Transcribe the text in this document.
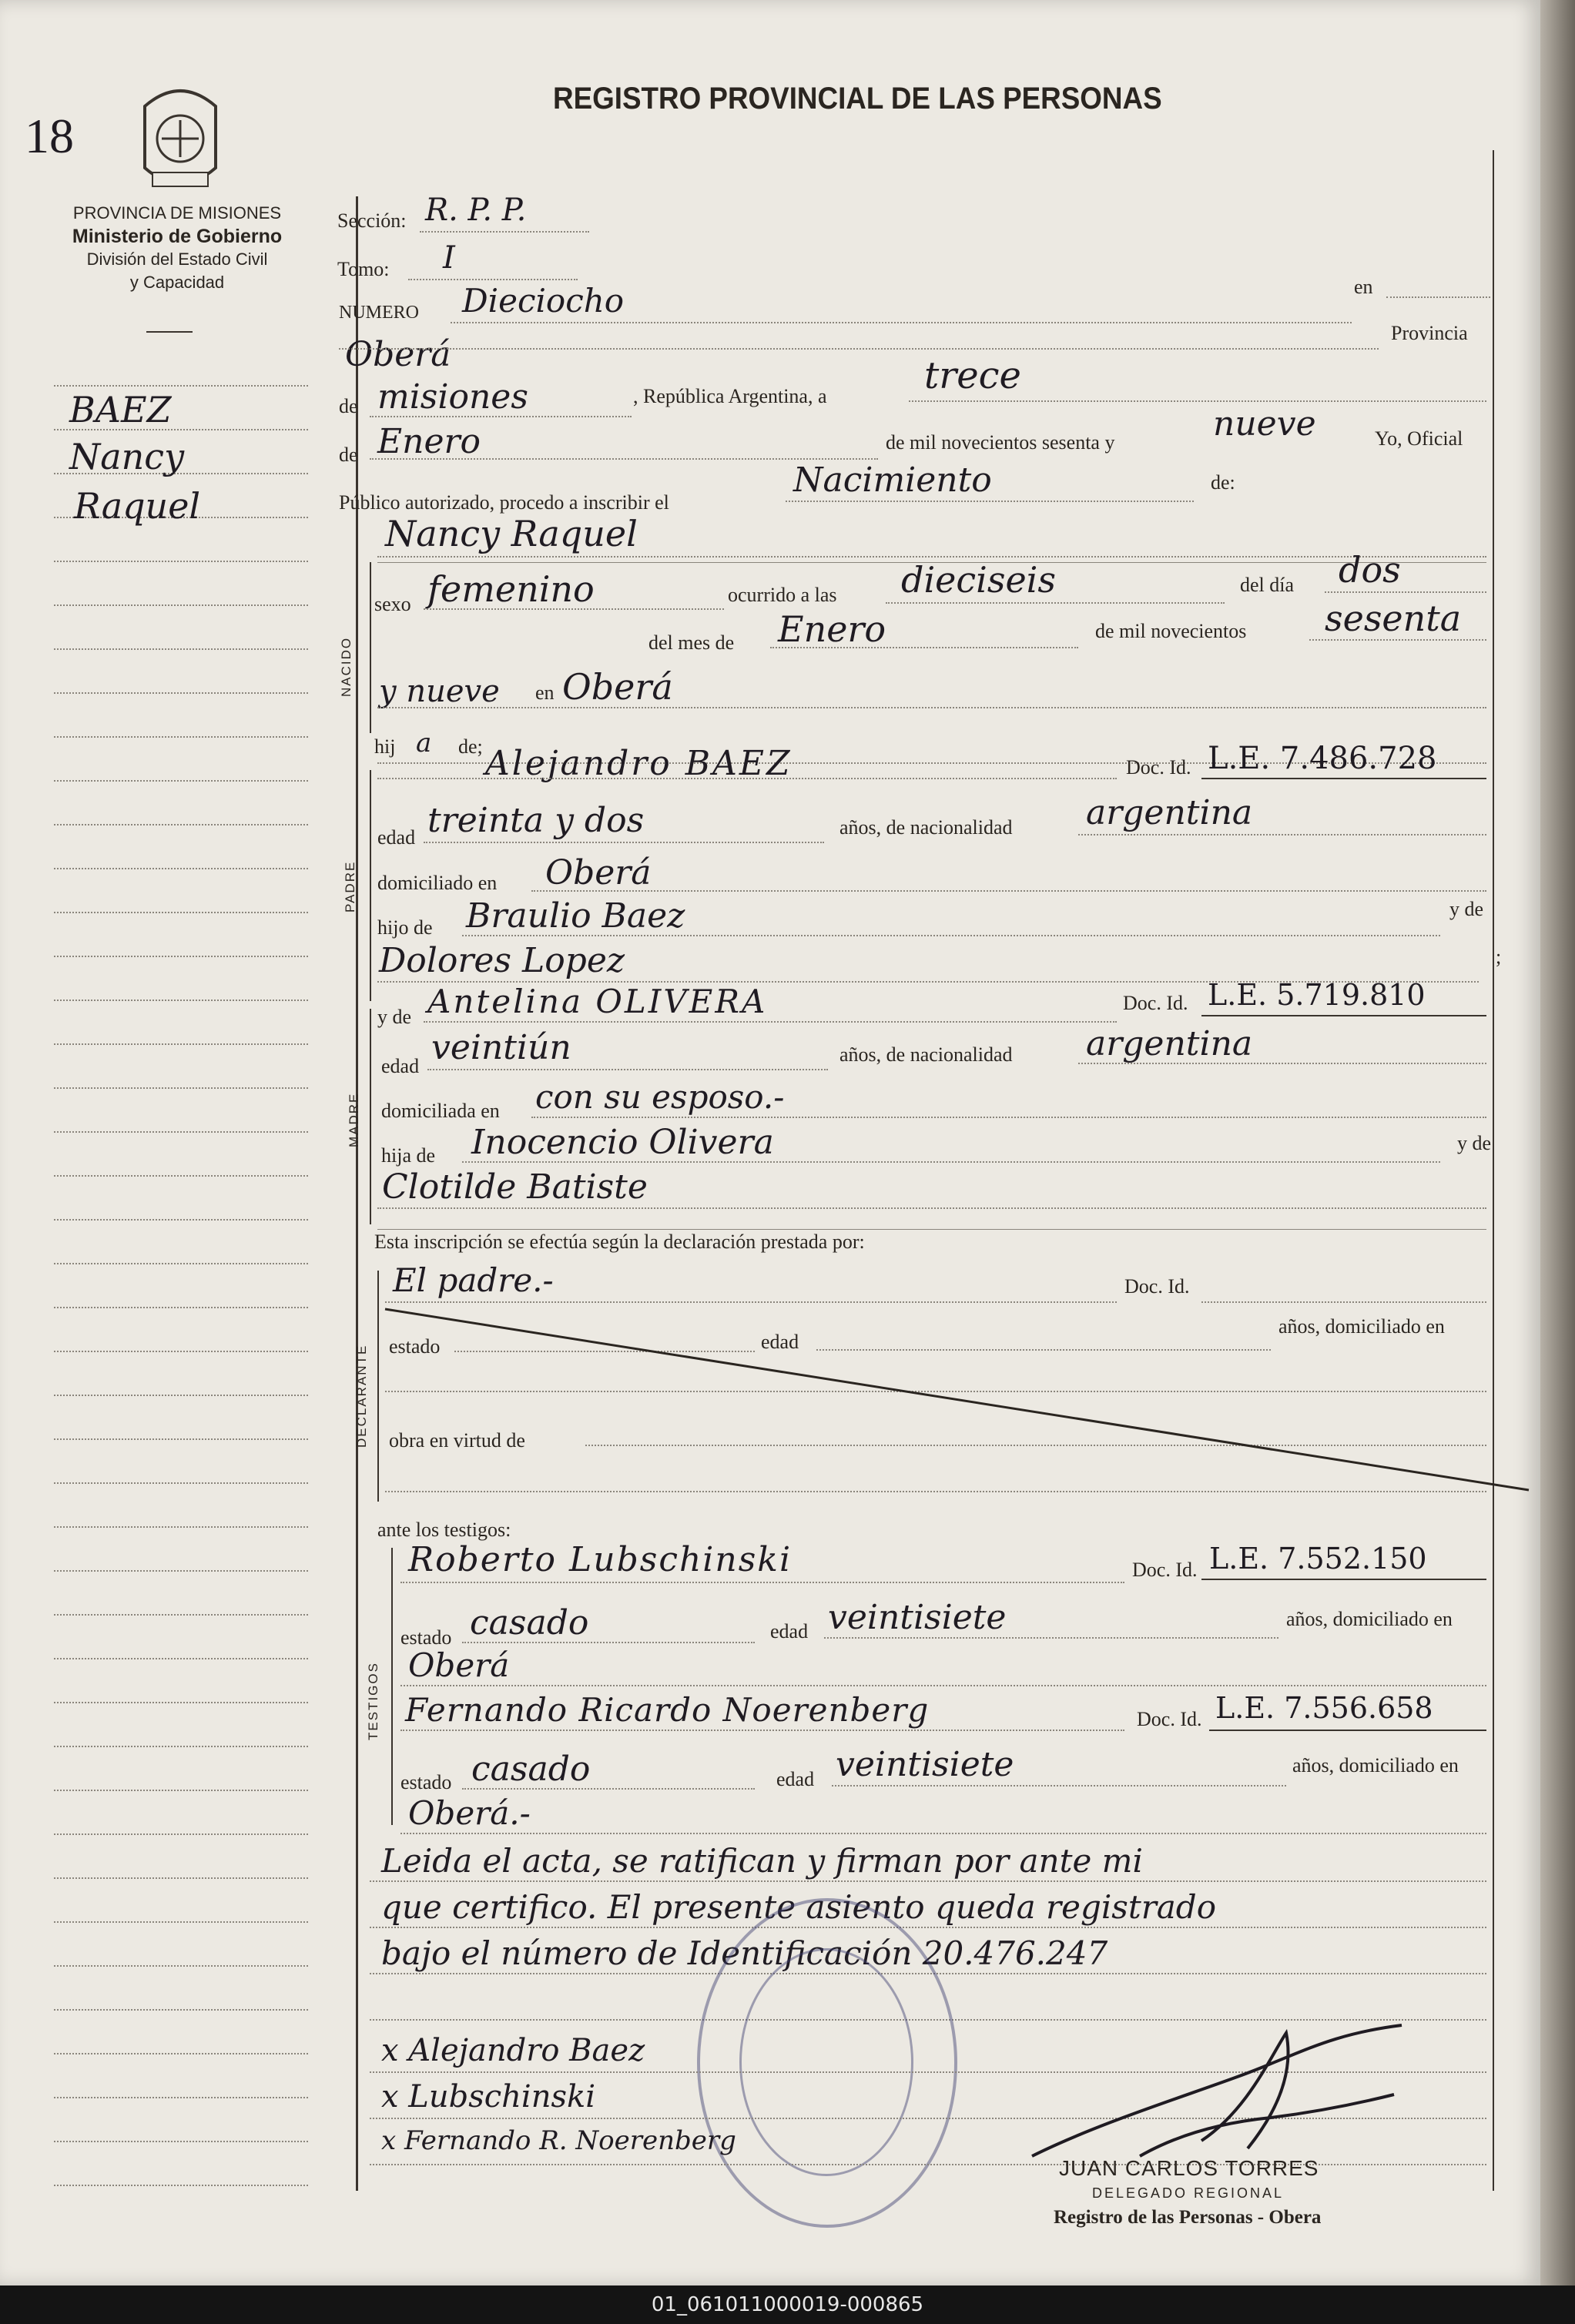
01_061011000019-000865
18
REGISTRO PROVINCIAL DE LAS PERSONAS
PROVINCIA DE MISIONES
Ministerio de Gobierno
División del Estado Civil
y Capacidad
BAEZ
Nancy
Raquel
Sección: R. P. P.
Tomo: I
NUMERO Dieciocho	en
Oberá
Provincia
de misiones	, República Argentina, a	trece
de Enero	de mil novecientos sesenta y	nueve	Yo, Oficial
Público autorizado, procedo a inscribir el
Nacimiento	de:
Nancy Raquel
NACIDO
sexo femenino	ocurrido a las dieciseis	del día dos
del mes de Enero	de mil novecientos sesenta
y nueve en Oberá
hij a de;
PADRE
Alejandro BAEZ	Doc. Id. L.E. 7.486.728
edad treinta y dos	años, de nacionalidad argentina
domiciliado en Oberá
hijo de Braulio Baez	y de
Dolores Lopez	;
y de Antelina OLIVERA	Doc. Id. L.E. 5.719.810
MADRE
edad veintiún	años, de nacionalidad argentina
domiciliada en con su esposo.-
hija de Inocencio Olivera	y de
Clotilde Batiste
Esta inscripción se efectúa según la declaración prestada por:
DECLARANTE
El padre.-	Doc. Id.
estado	edad
años, domiciliado en
obra en virtud de
ante los testigos:
TESTIGOS
Roberto Lubschinski	Doc. Id. L.E. 7.552.150
estado casado	edad veintisiete	años, domiciliado en
Oberá
Fernando Ricardo Noerenberg	Doc. Id. L.E. 7.556.658
estado casado	edad veintisiete	años, domiciliado en
Oberá.-
Leida el acta, se ratifican y firman por ante mi
que certifico. El presente asiento queda registrado
bajo el número de Identificación 20.476.247
x Alejandro Baez
x Lubschinski
x Fernando R. Noerenberg
JUAN CARLOS TORRES
DELEGADO REGIONAL
Registro de las Personas - Obera
